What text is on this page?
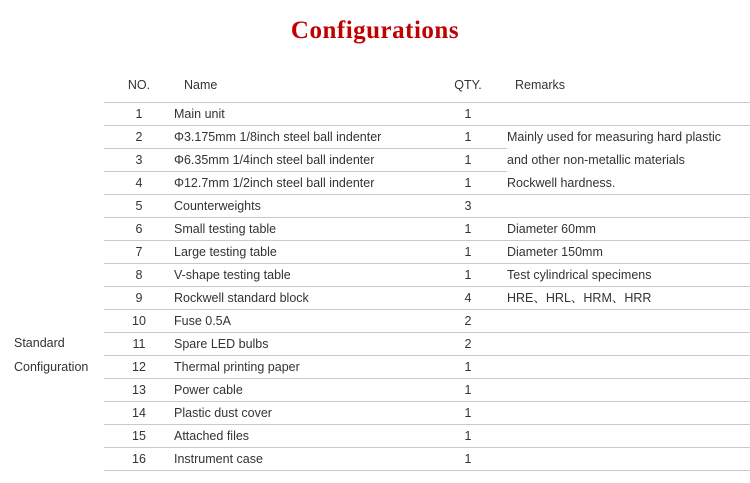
Configurations
	NO.	Name	QTY.	Remarks
	1	Main unit	1	
	2	Φ3.175mm 1/8inch steel ball indenter	1	Mainly used for measuring hard plastic
	3	Φ6.35mm 1/4inch steel ball indenter	1	and other non-metallic materials
	4	Φ12.7mm 1/2inch steel ball indenter	1	Rockwell hardness.
	5	Counterweights	3	
	6	Small testing table	1	Diameter 60mm

Standard
Configuration	7	Large testing table	1	Diameter 150mm
	8	V-shape testing table	1	Test cylindrical specimens
	9	Rockwell standard block	4	HRE、HRL、HRM、HRR
	10	Fuse 0.5A	2	
	11	Spare LED bulbs	2	
	12	Thermal printing paper	1	
	13	Power cable	1	
	14	Plastic dust cover	1	
	15	Attached files	1	
	16	Instrument case	1	
